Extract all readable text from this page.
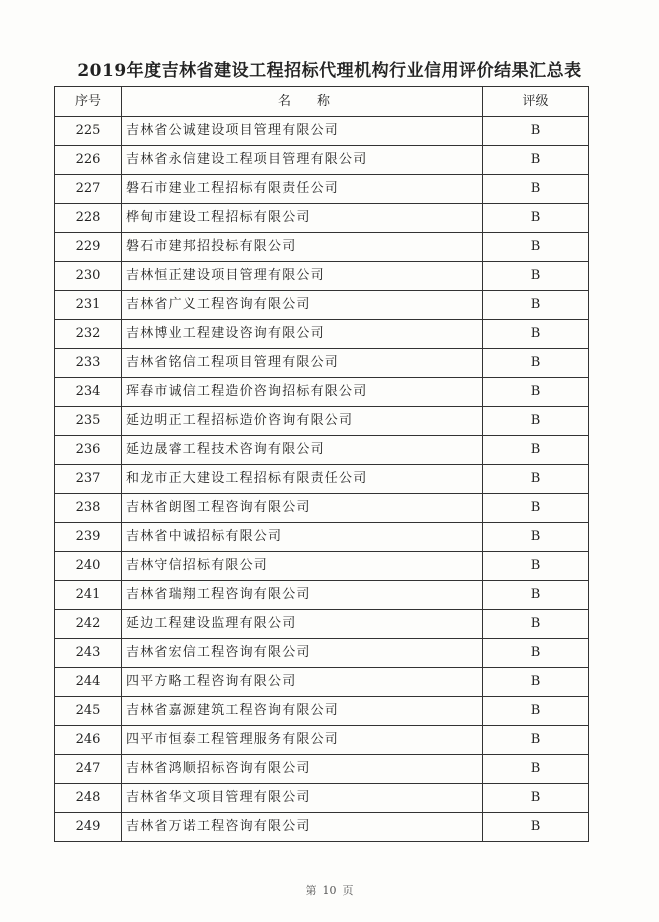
2019年度吉林省建设工程招标代理机构行业信用评价结果汇总表
序号	名　　称	评级
225	吉林省公诚建设项目管理有限公司	B
226	吉林省永信建设工程项目管理有限公司	B
227	磐石市建业工程招标有限责任公司	B
228	桦甸市建设工程招标有限公司	B
229	磐石市建邦招投标有限公司	B
230	吉林恒正建设项目管理有限公司	B
231	吉林省广义工程咨询有限公司	B
232	吉林博业工程建设咨询有限公司	B
233	吉林省铭信工程项目管理有限公司	B
234	珲春市诚信工程造价咨询招标有限公司	B
235	延边明正工程招标造价咨询有限公司	B
236	延边晟睿工程技术咨询有限公司	B
237	和龙市正大建设工程招标有限责任公司	B
238	吉林省朗图工程咨询有限公司	B
239	吉林省中诚招标有限公司	B
240	吉林守信招标有限公司	B
241	吉林省瑞翔工程咨询有限公司	B
242	延边工程建设监理有限公司	B
243	吉林省宏信工程咨询有限公司	B
244	四平方略工程咨询有限公司	B
245	吉林省嘉源建筑工程咨询有限公司	B
246	四平市恒泰工程管理服务有限公司	B
247	吉林省鸿顺招标咨询有限公司	B
248	吉林省华文项目管理有限公司	B
249	吉林省万诺工程咨询有限公司	B
第 10 页
